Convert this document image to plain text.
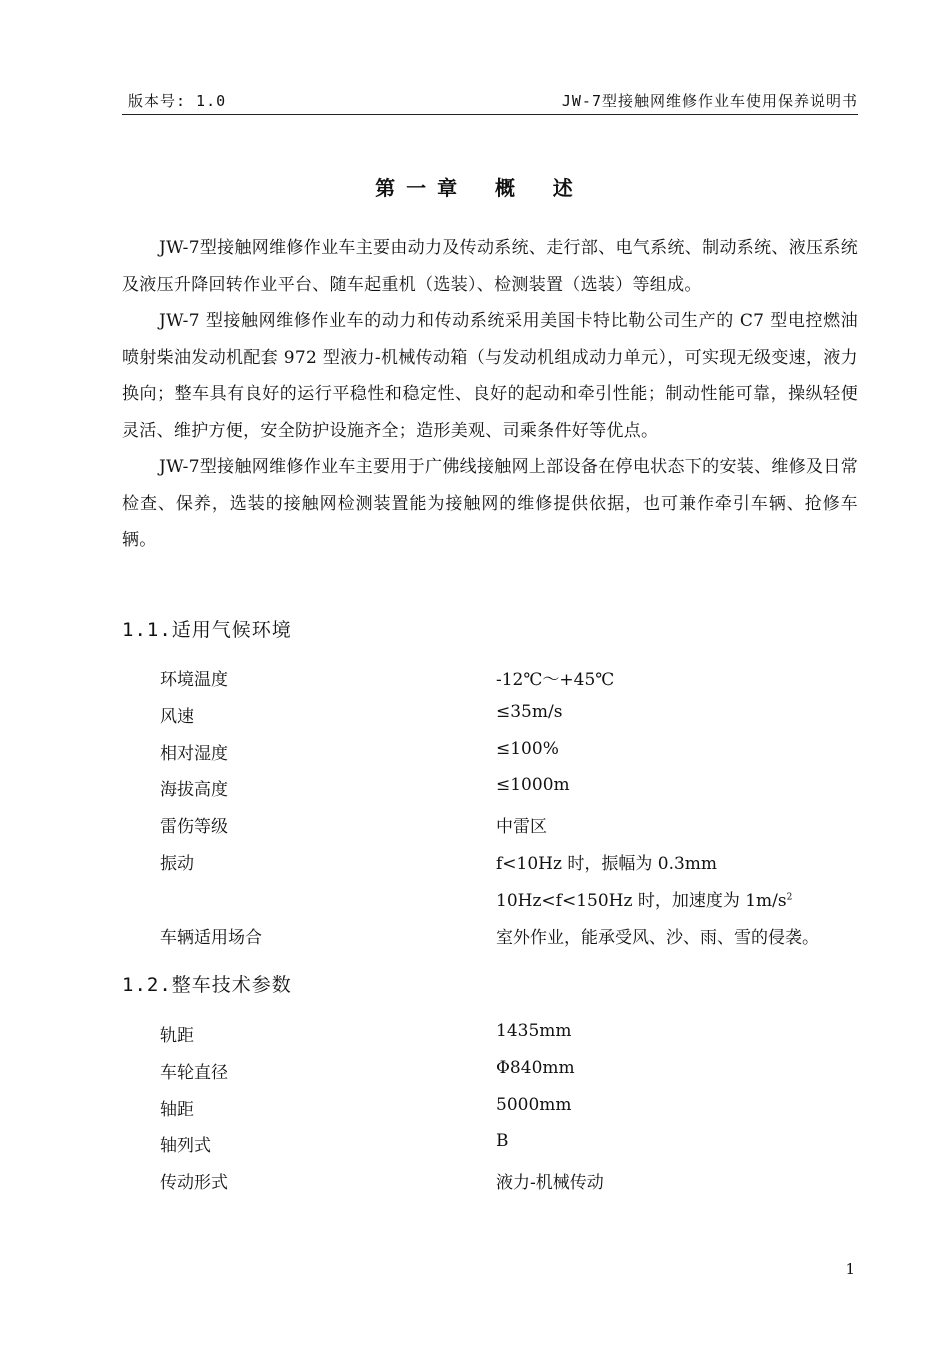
版本号: 1.0	JW-7型接触网维修作业车使用保养说明书
第 一 章    概    述

JW-7型接触网维修作业车主要由动力及传动系统、走行部、电气系统、制动系统、液压系统及液压升降回转作业平台、随车起重机（选装）、检测装置（选装）等组成。

JW-7 型接触网维修作业车的动力和传动系统采用美国卡特比勒公司生产的 C7 型电控燃油喷射柴油发动机配套 972 型液力-机械传动箱（与发动机组成动力单元），可实现无级变速，液力换向；整车具有良好的运行平稳性和稳定性、良好的起动和牵引性能；制动性能可靠，操纵轻便灵活、维护方便，安全防护设施齐全；造形美观、司乘条件好等优点。

JW-7型接触网维修作业车主要用于广佛线接触网上部设备在停电状态下的安装、维修及日常检查、保养，选装的接触网检测装置能为接触网的维修提供依据，也可兼作牵引车辆、抢修车辆。

1.1.适用气候环境
环境温度	-12℃～+45℃
风速	≤35m/s
相对湿度	≤100%
海拔高度	≤1000m
雷伤等级	中雷区
振动	f<10Hz 时，振幅为 0.3mm
10Hz<f<150Hz 时，加速度为 $1m/s^2$
车辆适用场合	室外作业，能承受风、沙、雨、雪的侵袭。
1.2.整车技术参数
轨距	1435mm
车轮直径	Φ840mm
轴距	5000mm
轴列式	B
传动形式	液力-机械传动
1
